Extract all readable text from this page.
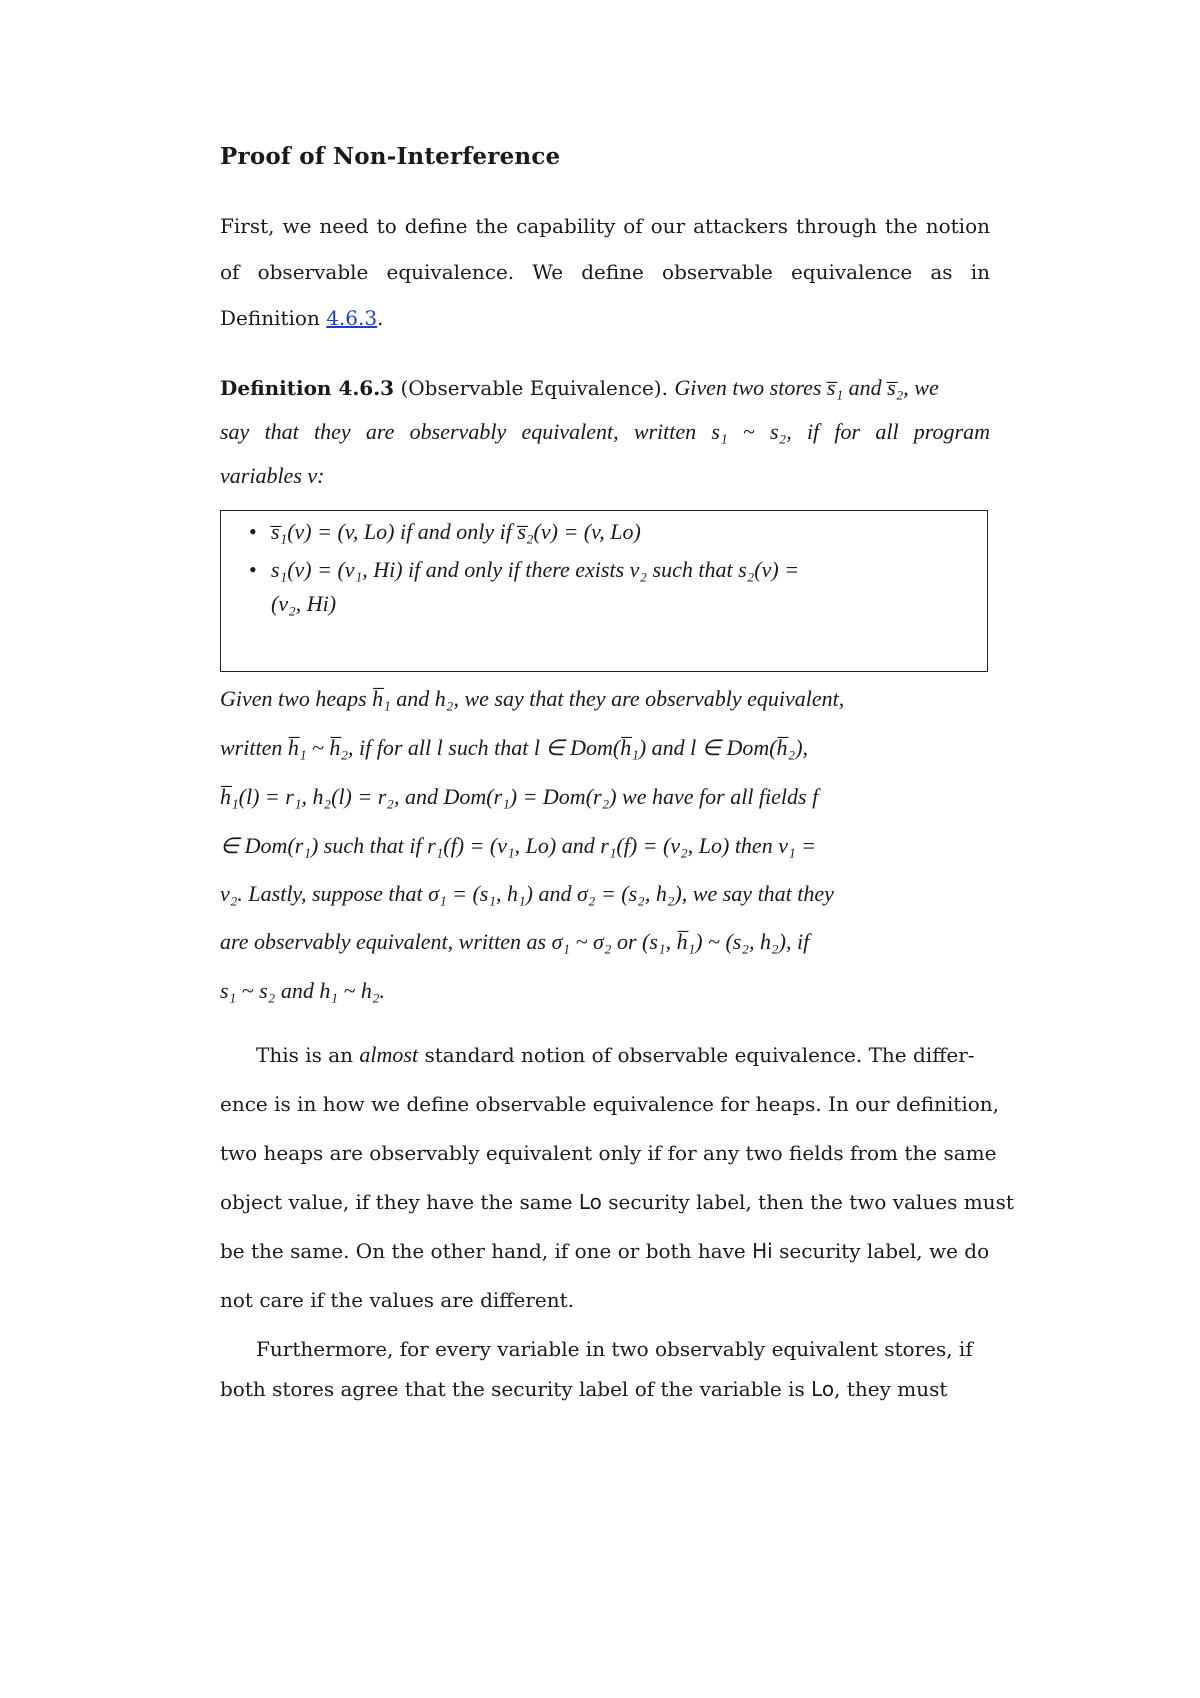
Proof of Non-Interference
First, we need to define the capability of our attackers through the notion
of observable equivalence. We define observable equivalence as in
Definition 4.6.3.
Definition 4.6.3 (Observable Equivalence). Given two stores s̅₁ and s̅₂, we
say that they are observably equivalent, written s₁ ~ s₂, if for all program
variables v:
• s̅₁(v) = (v, Lo) if and only if s̅₂(v) = (v, Lo)
• s₁(v) = (v₁, Hi) if and only if there exists v₂ such that s₂(v) =
(v₂, Hi)
Given two heaps h̅₁ and h₂, we say that they are observably equivalent,
written h̅₁ ~ h̅₂, if for all l such that l ∈ Dom(h̅₁) and l ∈ Dom(h̅₂),
h̅₁(l) = r₁, h₂(l) = r₂, and Dom(r₁) = Dom(r₂) we have for all fields f
∈ Dom(r₁) such that if r₁(f) = (v₁, Lo) and r₁(f) = (v₂, Lo) then v₁ =
v₂. Lastly, suppose that σ₁ = (s₁, h₁) and σ₂ = (s₂, h₂), we say that they
are observably equivalent, written as σ₁ ~ σ₂ or (s₁, h̅₁) ~ (s₂, h₂), if
s₁ ~ s₂ and h₁ ~ h₂.
This is an almost standard notion of observable equivalence. The differ-
ence is in how we define observable equivalence for heaps. In our definition,
two heaps are observably equivalent only if for any two fields from the same
object value, if they have the same Lo security label, then the two values must
be the same. On the other hand, if one or both have Hi security label, we do
not care if the values are different.
Furthermore, for every variable in two observably equivalent stores, if
both stores agree that the security label of the variable is Lo, they must
